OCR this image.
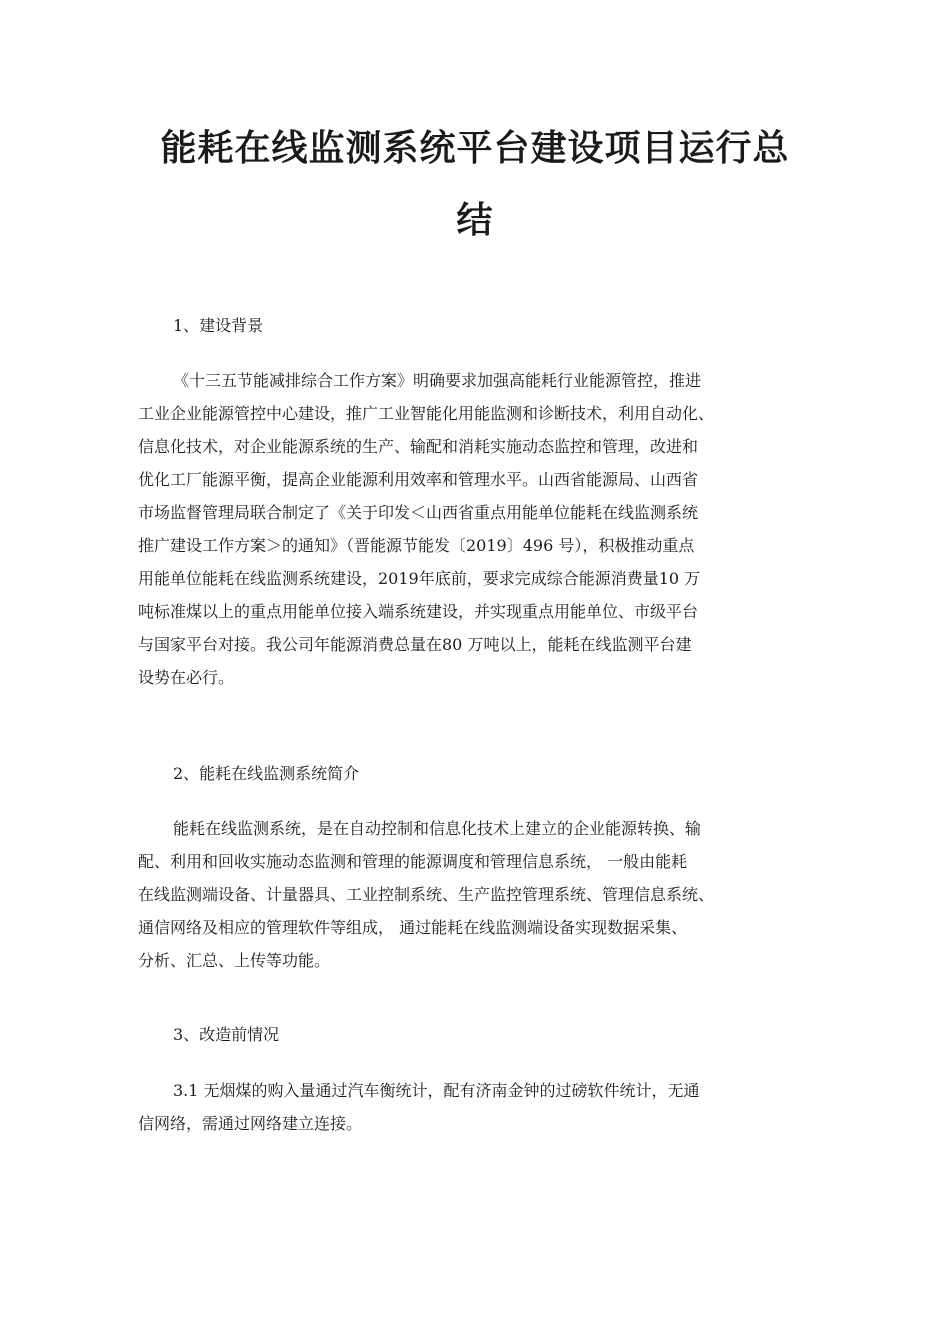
能耗在线监测系统平台建设项目运行总
结

1、建设背景

《十三五节能减排综合工作方案》明确要求加强高能耗行业能源管控，推进
工业企业能源管控中心建设，推广工业智能化用能监测和诊断技术，利用自动化、
信息化技术，对企业能源系统的生产、输配和消耗实施动态监控和管理，改进和
优化工厂能源平衡，提高企业能源利用效率和管理水平。山西省能源局、山西省
市场监督管理局联合制定了《关于印发＜山西省重点用能单位能耗在线监测系统
推广建设工作方案＞的通知》（晋能源节能发〔2019〕496 号），积极推动重点
用能单位能耗在线监测系统建设，2019年底前，要求完成综合能源消费量10 万
吨标准煤以上的重点用能单位接入端系统建设，并实现重点用能单位、市级平台
与国家平台对接。我公司年能源消费总量在80 万吨以上，能耗在线监测平台建
设势在必行。

2、能耗在线监测系统简介

能耗在线监测系统，是在自动控制和信息化技术上建立的企业能源转换、输
配、利用和回收实施动态监测和管理的能源调度和管理信息系统， 一般由能耗
在线监测端设备、计量器具、工业控制系统、生产监控管理系统、管理信息系统、
通信网络及相应的管理软件等组成， 通过能耗在线监测端设备实现数据采集、
分析、汇总、上传等功能。

3、改造前情况

3.1 无烟煤的购入量通过汽车衡统计，配有济南金钟的过磅软件统计，无通
信网络，需通过网络建立连接。
